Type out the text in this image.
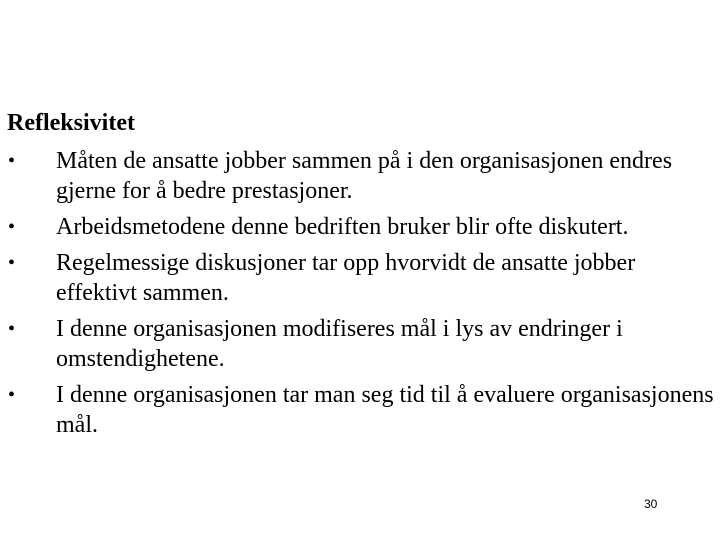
Refleksivitet
• Måten de ansatte jobber sammen på i den organisasjonen endres gjerne for å bedre prestasjoner.
• Arbeidsmetodene denne bedriften bruker blir ofte diskutert.
• Regelmessige diskusjoner tar opp hvorvidt de ansatte jobber effektivt sammen.
• I denne organisasjonen modifiseres mål i lys av endringer i omstendighetene.
• I denne organisasjonen tar man seg tid til å evaluere organisasjonens mål.
30
